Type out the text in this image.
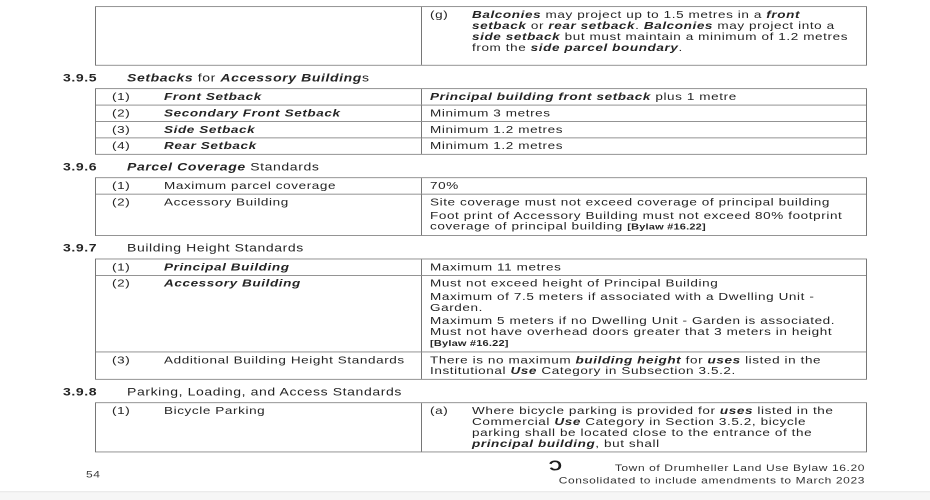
(g)	Balconies may project up to 1.5 metres in a front setback or rear setback. Balconies may project into a side setback but must maintain a minimum of 1.2 metres from the side parcel boundary.
3.9.5 Setbacks for Accessory Buildings
(1)	Front Setback	Principal building front setback plus 1 metre
(2)	Secondary Front Setback	Minimum 3 metres
(3)	Side Setback	Minimum 1.2 metres
(4)	Rear Setback	Minimum 1.2 metres
3.9.6 Parcel Coverage Standards
(1)	Maximum parcel coverage	70%
(2)	Accessory Building	Site coverage must not exceed coverage of principal building
Foot print of Accessory Building must not exceed 80% footprint coverage of principal building [Bylaw #16.22]
3.9.7 Building Height Standards
(1)	Principal Building	Maximum 11 metres
(2)	Accessory Building	Must not exceed height of Principal Building
Maximum of 7.5 meters if associated with a Dwelling Unit - Garden.
Maximum 5 meters if no Dwelling Unit - Garden is associated. Must not have overhead doors greater that 3 meters in height [Bylaw #16.22]
(3)	Additional Building Height Standards	There is no maximum building height for uses listed in the Institutional Use Category in Subsection 3.5.2.
3.9.8 Parking, Loading, and Access Standards
(1)	Bicycle Parking	(a)	Where bicycle parking is provided for uses listed in the Commercial Use Category in Section 3.5.2, bicycle parking shall be located close to the entrance of the principal building, but shall
54
Ɔ	Town of Drumheller Land Use Bylaw 16.20
Consolidated to include amendments to March 2023
